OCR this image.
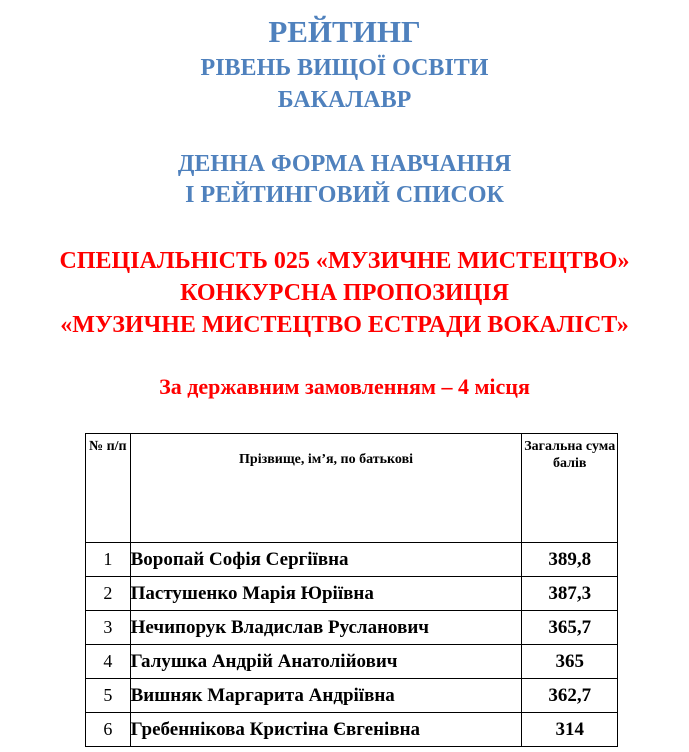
РЕЙТИНГ
РІВЕНЬ ВИЩОЇ ОСВІТИ
БАКАЛАВР
ДЕННА ФОРМА НАВЧАННЯ
І РЕЙТИНГОВИЙ СПИСОК
СПЕЦІАЛЬНІСТЬ 025 «МУЗИЧНЕ МИСТЕЦТВО»
КОНКУРСНА ПРОПОЗИЦІЯ
«МУЗИЧНЕ МИСТЕЦТВО ЕСТРАДИ ВОКАЛІСТ»
За державним замовленням – 4 місця
№ п/п	Прізвище, ім’я, по батькові	Загальна сума балів

1	Воропай Софія Сергіївна	389,8
2	Пастушенко Марія Юріївна	387,3
3	Нечипорук Владислав Русланович	365,7
4	Галушка Андрій Анатолійович	365
5	Вишняк Маргарита Андріївна	362,7
6	Гребеннікова Кристіна Євгенівна	314
